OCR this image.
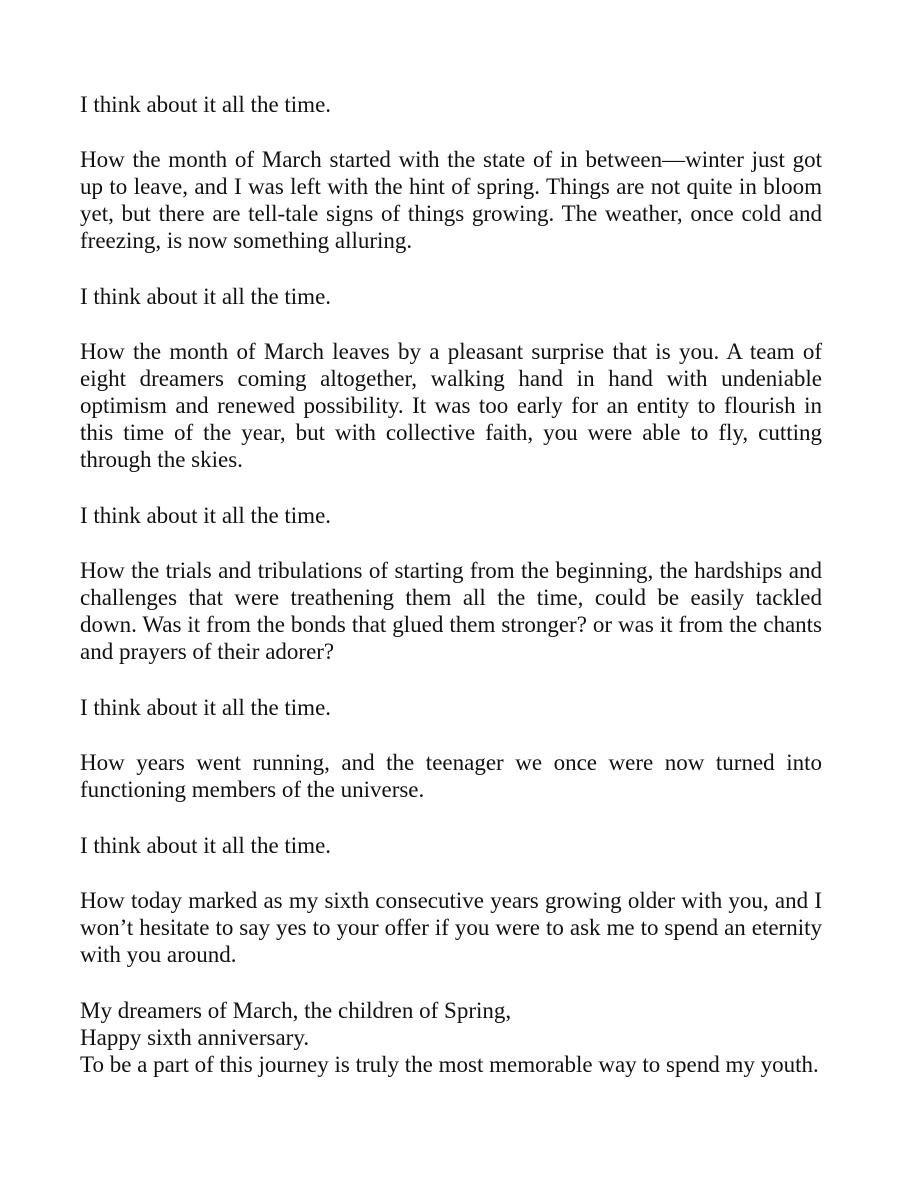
I think about it all the time.

How the month of March started with the state of in between—winter just got up to leave, and I was left with the hint of spring. Things are not quite in bloom yet, but there are tell-tale signs of things growing. The weather, once cold and freezing, is now something alluring.

I think about it all the time.

How the month of March leaves by a pleasant surprise that is you. A team of eight dreamers coming altogether, walking hand in hand with undeniable optimism and renewed possibility. It was too early for an entity to flourish in this time of the year, but with collective faith, you were able to fly, cutting through the skies.

I think about it all the time.

How the trials and tribulations of starting from the beginning, the hardships and challenges that were treathening them all the time, could be easily tackled down. Was it from the bonds that glued them stronger? or was it from the chants and prayers of their adorer?

I think about it all the time.

How years went running, and the teenager we once were now turned into functioning members of the universe.

I think about it all the time.

How today marked as my sixth consecutive years growing older with you, and I won’t hesitate to say yes to your offer if you were to ask me to spend an eternity with you around.

My dreamers of March, the children of Spring,
Happy sixth anniversary.
To be a part of this journey is truly the most memorable way to spend my youth.
